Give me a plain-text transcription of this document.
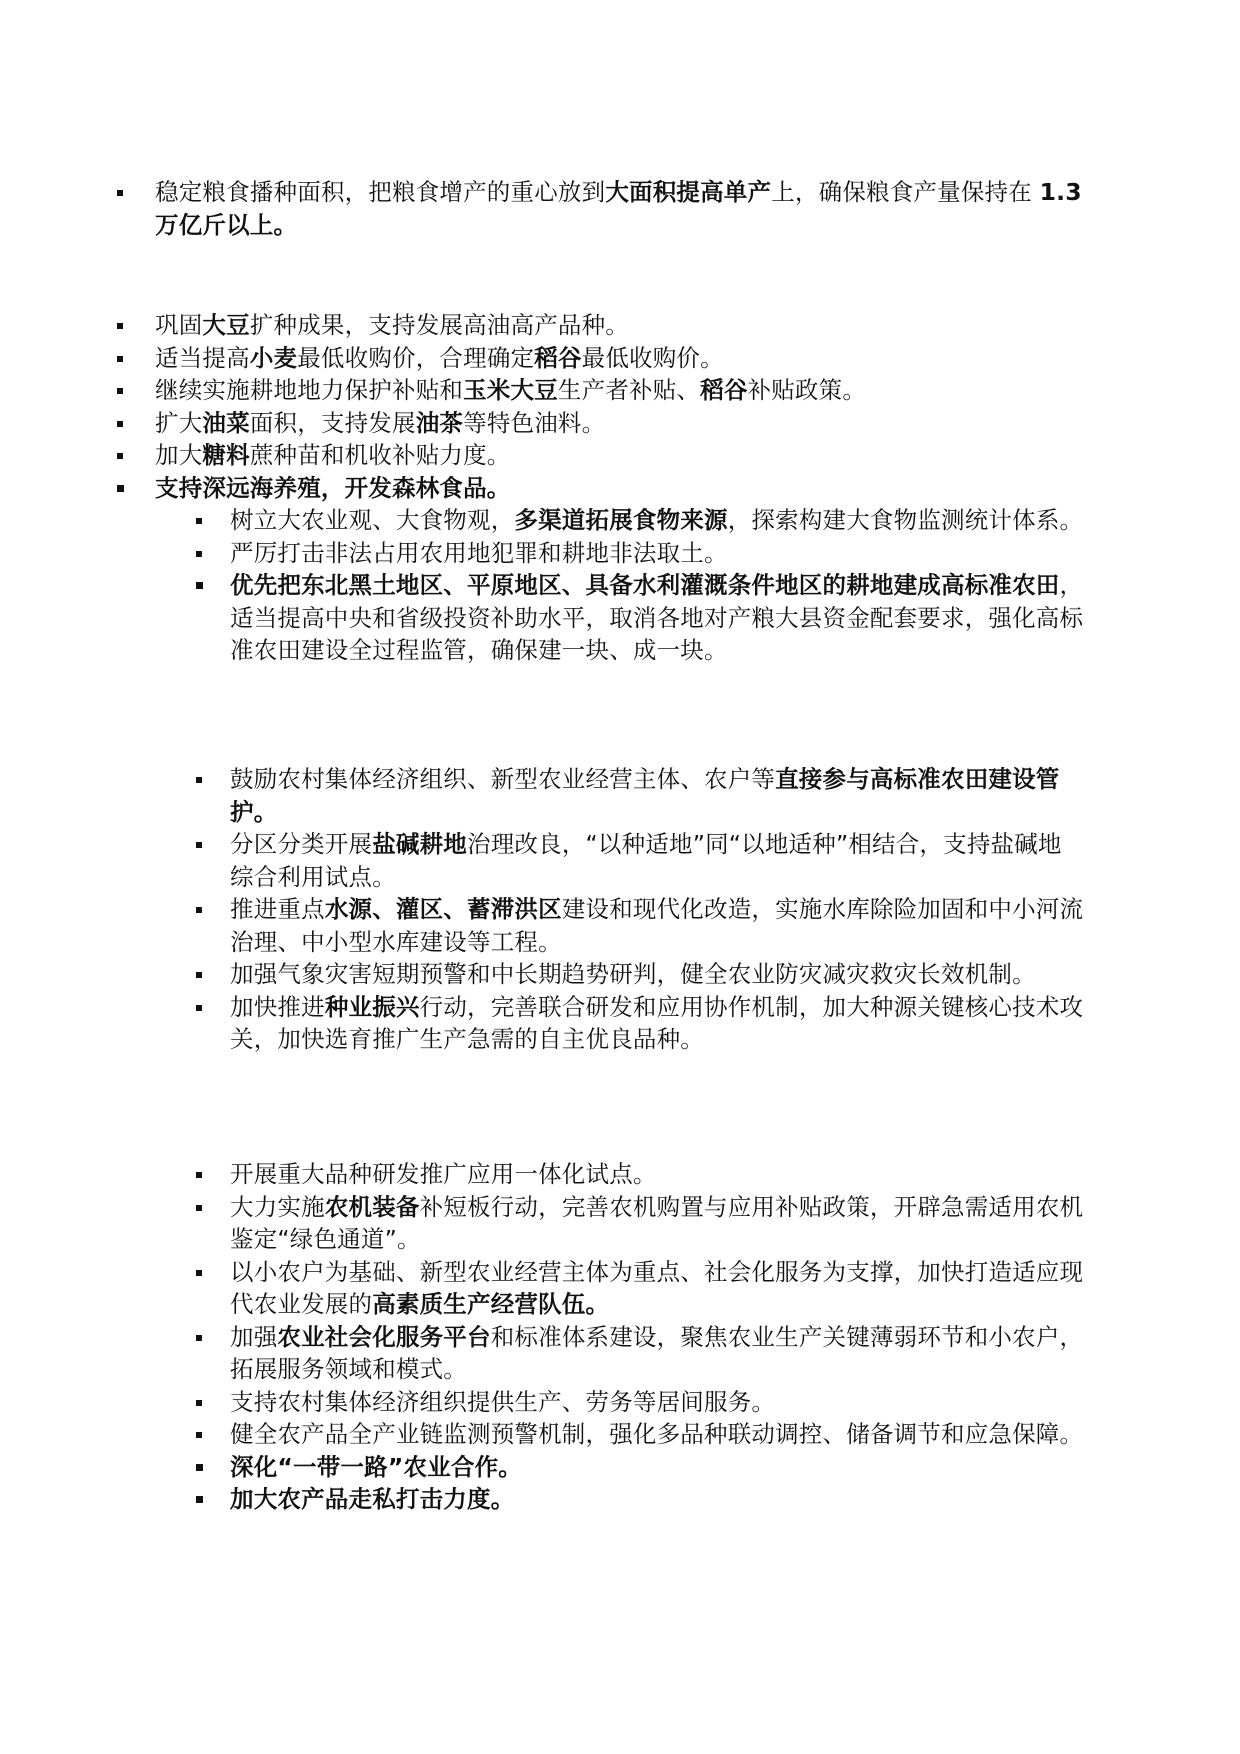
稳定粮食播种面积，把粮食增产的重心放到大面积提高单产上，确保粮食产量保持在 1.3 万亿斤以上。
巩固大豆扩种成果，支持发展高油高产品种。
适当提高小麦最低收购价，合理确定稻谷最低收购价。
继续实施耕地地力保护补贴和玉米大豆生产者补贴、稻谷补贴政策。
扩大油菜面积，支持发展油茶等特色油料。
加大糖料蔗种苗和机收补贴力度。
支持深远海养殖，开发森林食品。
树立大农业观、大食物观，多渠道拓展食物来源，探索构建大食物监测统计体系。
严厉打击非法占用农用地犯罪和耕地非法取土。
优先把东北黑土地区、平原地区、具备水利灌溉条件地区的耕地建成高标准农田，适当提高中央和省级投资补助水平，取消各地对产粮大县资金配套要求，强化高标准农田建设全过程监管，确保建一块、成一块。
鼓励农村集体经济组织、新型农业经营主体、农户等直接参与高标准农田建设管护。
分区分类开展盐碱耕地治理改良，“以种适地”同“以地适种”相结合，支持盐碱地综合利用试点。
推进重点水源、灌区、蓄滞洪区建设和现代化改造，实施水库除险加固和中小河流治理、中小型水库建设等工程。
加强气象灾害短期预警和中长期趋势研判，健全农业防灾减灾救灾长效机制。
加快推进种业振兴行动，完善联合研发和应用协作机制，加大种源关键核心技术攻关，加快选育推广生产急需的自主优良品种。
开展重大品种研发推广应用一体化试点。
大力实施农机装备补短板行动，完善农机购置与应用补贴政策，开辟急需适用农机鉴定“绿色通道”。
以小农户为基础、新型农业经营主体为重点、社会化服务为支撑，加快打造适应现代农业发展的高素质生产经营队伍。
加强农业社会化服务平台和标准体系建设，聚焦农业生产关键薄弱环节和小农户，拓展服务领域和模式。
支持农村集体经济组织提供生产、劳务等居间服务。
健全农产品全产业链监测预警机制，强化多品种联动调控、储备调节和应急保障。
深化“一带一路”农业合作。
加大农产品走私打击力度。
